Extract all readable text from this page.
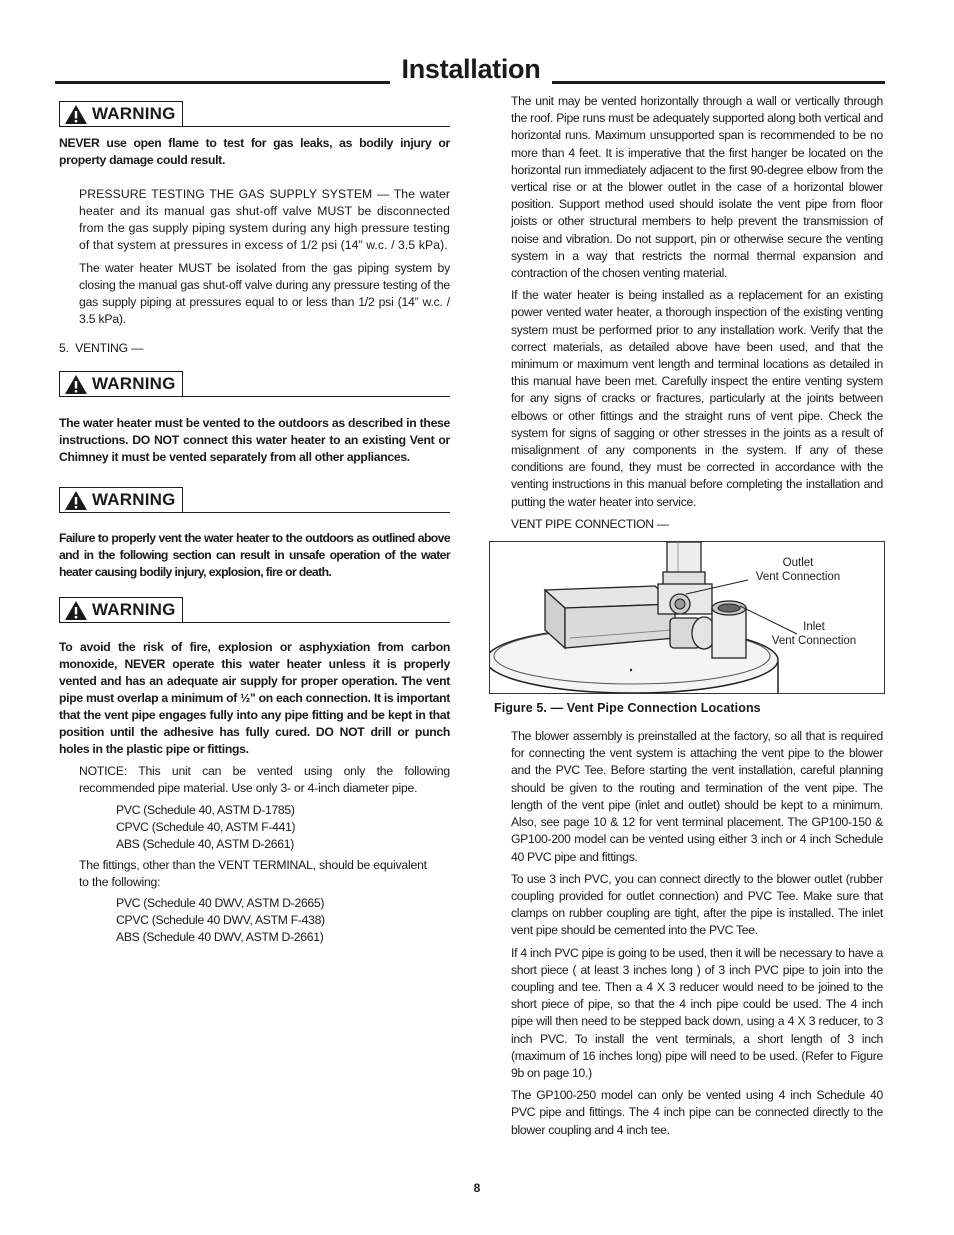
Installation
WARNING

NEVER use open flame to test for gas leaks, as bodily injury or property damage could result.

PRESSURE TESTING THE GAS SUPPLY SYSTEM — The water heater and its manual gas shut-off valve MUST be disconnected from the gas supply piping system during any high pressure testing of that system at pressures in excess of 1/2 psi (14” w.c. / 3.5 kPa).

The water heater MUST be isolated from the gas piping system by closing the manual gas shut-off valve during any pressure testing of the gas supply piping at pressures equal to or less than 1/2 psi (14” w.c. / 3.5 kPa).

5.  VENTING —

WARNING

The water heater must be vented to the outdoors as described in these instructions. DO NOT connect this water heater to an existing Vent or Chimney it must be vented separately from all other appliances.

WARNING

Failure to properly vent the water heater to the outdoors as outlined above and in the following section can result in unsafe operation of the water heater causing bodily injury, explosion, fire or death.

WARNING

To avoid the risk of fire, explosion or asphyxiation from carbon monoxide, NEVER operate this water heater unless it is properly vented and has an adequate air supply for proper operation. The vent pipe must overlap a minimum of ½" on each connection. It is important that the vent pipe engages fully into any pipe fitting and be kept in that position until the adhesive has fully cured. DO NOT drill or punch holes in the plastic pipe or fittings.

NOTICE: This unit can be vented using only the following recommended pipe material. Use only 3- or 4-inch diameter pipe.

PVC (Schedule 40, ASTM D-1785)
CPVC (Schedule 40, ASTM F-441)
ABS (Schedule 40, ASTM D-2661)

The fittings, other than the VENT TERMINAL, should be equivalent to the following:

PVC (Schedule 40 DWV, ASTM D-2665)
CPVC (Schedule 40 DWV, ASTM F-438)
ABS (Schedule 40 DWV, ASTM D-2661)

The unit may be vented horizontally through a wall or vertically through the roof. Pipe runs must be adequately supported along both vertical and horizontal runs. Maximum unsupported span is recommended to be no more than 4 feet. It is imperative that the first hanger be located on the horizontal run immediately adjacent to the first 90-degree elbow from the vertical rise or at the blower outlet in the case of a horizontal blower position. Support method used should isolate the vent pipe from floor joists or other structural members to help prevent the transmission of noise and vibration. Do not support, pin or otherwise secure the venting system in a way that restricts the normal thermal expansion and contraction of the chosen venting material.

If the water heater is being installed as a replacement for an existing power vented water heater, a thorough inspection of the existing venting system must be performed prior to any installation work. Verify that the correct materials, as detailed above have been used, and that the minimum or maximum vent length and terminal locations as detailed in this manual have been met. Carefully inspect the entire venting system for any signs of cracks or fractures, particularly at the joints between elbows or other fittings and the straight runs of vent pipe. Check the system for signs of sagging or other stresses in the joints as a result of misalignment of any components in the system. If any of these conditions are found, they must be corrected in accordance with the venting instructions in this manual before completing the installation and putting the water heater into service.

VENT PIPE CONNECTION —

Outlet
Vent Connection
Inlet
Vent Connection

Figure 5. — Vent Pipe Connection Locations

The blower assembly is preinstalled at the factory, so all that is required for connecting the vent system is attaching the vent pipe to the blower and the PVC Tee. Before starting the vent installation, careful planning should be given to the routing and termination of the vent pipe. The length of the vent pipe (inlet and outlet) should be kept to a minimum. Also, see page 10 & 12 for vent terminal placement. The GP100-150 & GP100-200 model can be vented using either 3 inch or 4 inch Schedule 40 PVC pipe and fittings.

To use 3 inch PVC, you can connect directly to the blower outlet (rubber coupling provided for outlet connection) and PVC Tee. Make sure that clamps on rubber coupling are tight, after the pipe is installed. The inlet vent pipe should be cemented into the PVC Tee.

If 4 inch PVC pipe is going to be used, then it will be necessary to have a short piece ( at least 3 inches long ) of 3 inch PVC pipe to join into the coupling and tee. Then a 4 X 3 reducer would need to be joined to the short piece of pipe, so that the 4 inch pipe could be used. The 4 inch pipe will then need to be stepped back down, using a 4 X 3 reducer, to 3 inch PVC. To install the vent terminals, a short length of 3 inch (maximum of 16 inches long) pipe will need to be used. (Refer to Figure 9b on page 10.)

The GP100-250 model can only be vented using 4 inch Schedule 40 PVC pipe and fittings. The 4 inch pipe can be connected directly to the blower coupling and 4 inch tee.

8
